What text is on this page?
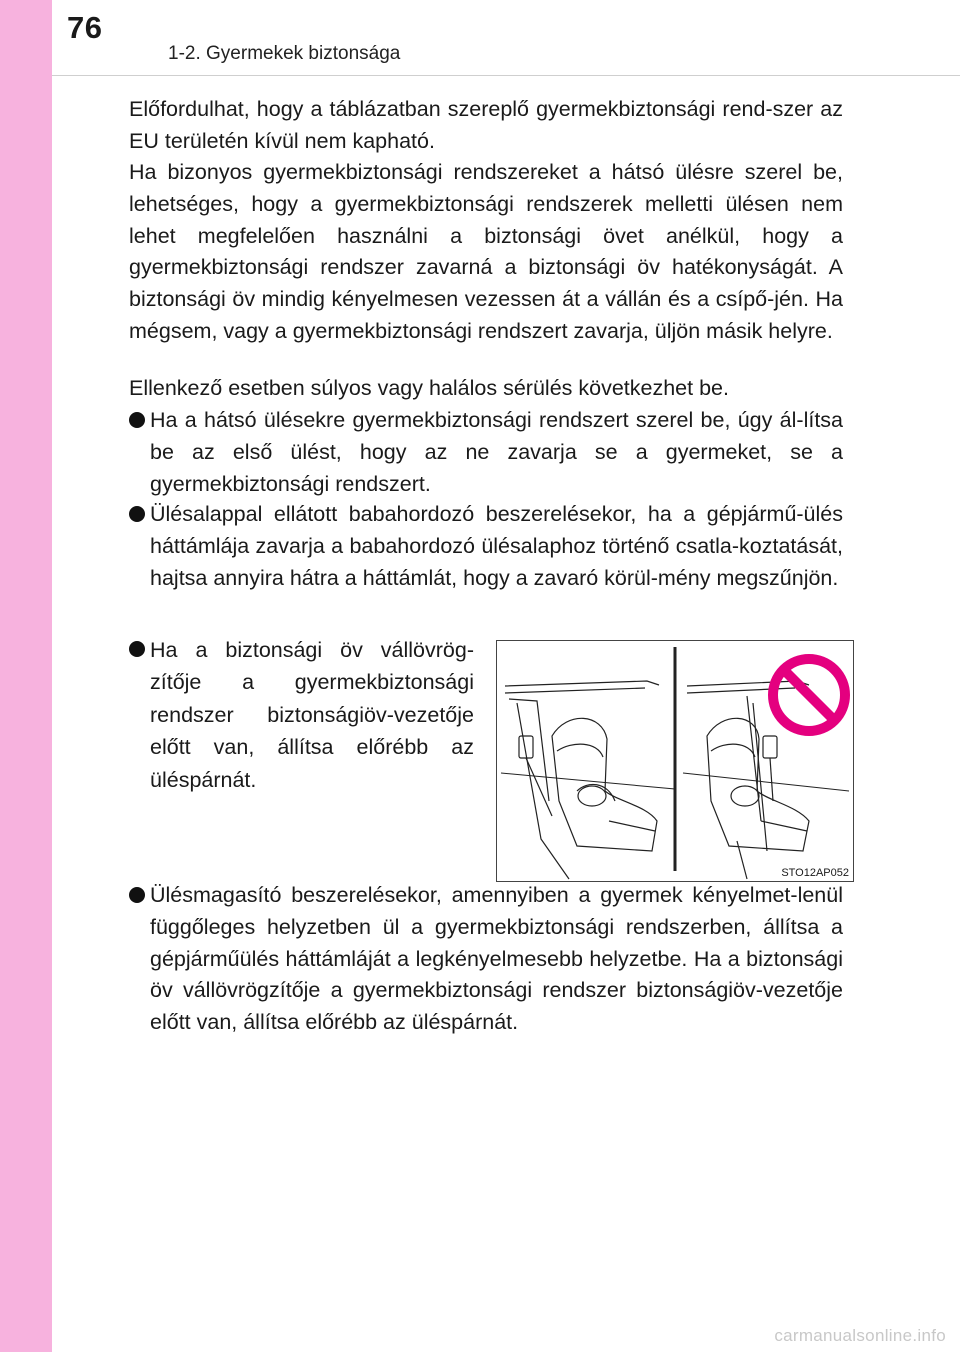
76
1-2. Gyermekek biztonsága

Előfordulhat, hogy a táblázatban szereplő gyermekbiztonsági rend-szer az EU területén kívül nem kapható.

Ha bizonyos gyermekbiztonsági rendszereket a hátsó ülésre szerel be, lehetséges, hogy a gyermekbiztonsági rendszerek melletti ülésen nem lehet megfelelően használni a biztonsági övet anélkül, hogy a gyermekbiztonsági rendszer zavarná a biztonsági öv hatékonyságát. A biztonsági öv mindig kényelmesen vezessen át a vállán és a csípő-jén. Ha mégsem, vagy a gyermekbiztonsági rendszert zavarja, üljön másik helyre.

Ellenkező esetben súlyos vagy halálos sérülés következhet be.

Ha a hátsó ülésekre gyermekbiztonsági rendszert szerel be, úgy ál-lítsa be az első ülést, hogy az ne zavarja se a gyermeket, se a gyermekbiztonsági rendszert.

Ülésalappal ellátott babahordozó beszerelésekor, ha a gépjármű-ülés háttámlája zavarja a babahordozó ülésalaphoz történő csatla-koztatását, hajtsa annyira hátra a háttámlát, hogy a zavaró körül-mény megszűnjön.

Ha a biztonsági öv vállövrög-zítője a gyermekbiztonsági rendszer biztonságiöv-vezetője előtt van, állítsa előrébb az üléspárnát.

STO12AP052

Ülésmagasító beszerelésekor, amennyiben a gyermek kényelmet-lenül függőleges helyzetben ül a gyermekbiztonsági rendszerben, állítsa a gépjárműülés háttámláját a legkényelmesebb helyzetbe. Ha a biztonsági öv vállövrögzítője a gyermekbiztonsági rendszer biztonságiöv-vezetője előtt van, állítsa előrébb az üléspárnát.

carmanualsonline.info
